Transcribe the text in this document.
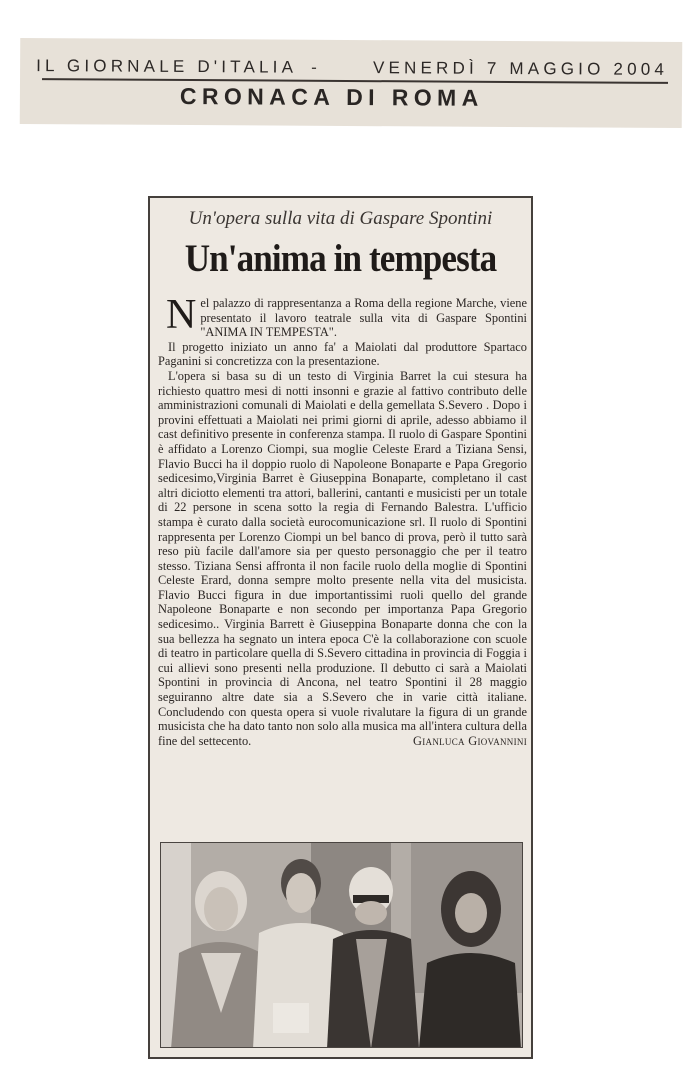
IL GIORNALE D'ITALIA -	VENERDÌ 7 MAGGIO 2004
CRONACA DI ROMA
Un'opera sulla vita di Gaspare Spontini
Un'anima in tempesta

Nel palazzo di rappresentanza a Roma della regione Marche, viene presentato il lavoro teatrale sulla vita di Gaspare Spontini "ANIMA IN TEMPESTA".

Il progetto iniziato un anno fa' a Maiolati dal produttore Spartaco Paganini si concretizza con la presentazione.

L'opera si basa su di un testo di Virginia Barret la cui stesura ha richiesto quattro mesi di notti insonni e grazie al fattivo contributo delle amministrazioni comunali di Maiolati e della gemellata S.Severo . Dopo i provini effettuati a Maiolati nei primi giorni di aprile, adesso abbiamo il cast definitivo presente in conferenza stampa. Il ruolo di Gaspare Spontini è affidato a Lorenzo Ciompi, sua moglie Celeste Erard a Tiziana Sensi, Flavio Bucci ha il doppio ruolo di Napoleone Bonaparte e Papa Gregorio sedicesimo,Virginia Barret è Giuseppina Bonaparte, completano il cast altri diciotto elementi tra attori, ballerini, cantanti e musicisti per un totale di 22 persone in scena sotto la regia di Fernando Balestra. L'ufficio stampa è curato dalla società eurocomunicazione srl. Il ruolo di Spontini rappresenta per Lorenzo Ciompi un bel banco di prova, però il tutto sarà reso più facile dall'amore sia per questo personaggio che per il teatro stesso. Tiziana Sensi affronta il non facile ruolo della moglie di Spontini Celeste Erard, donna sempre molto presente nella vita del musicista. Flavio Bucci figura in due importantissimi ruoli quello del grande Napoleone Bonaparte e non secondo per importanza Papa Gregorio sedicesimo.. Virginia Barrett è Giuseppina Bonaparte donna che con la sua bellezza ha segnato un intera epoca C'è la collaborazione con scuole di teatro in particolare quella di S.Severo cittadina in provincia di Foggia i cui allievi sono presenti nella produzione. Il debutto ci sarà a Maiolati Spontini in provincia di Ancona, nel teatro Spontini il 28 maggio seguiranno altre date sia a S.Severo che in varie città italiane. Concludendo con questa opera si vuole rivalutare la figura di un grande musicista che ha dato tanto non solo alla musica ma all'intera cultura della fine del settecento.	Gianluca Giovannini
